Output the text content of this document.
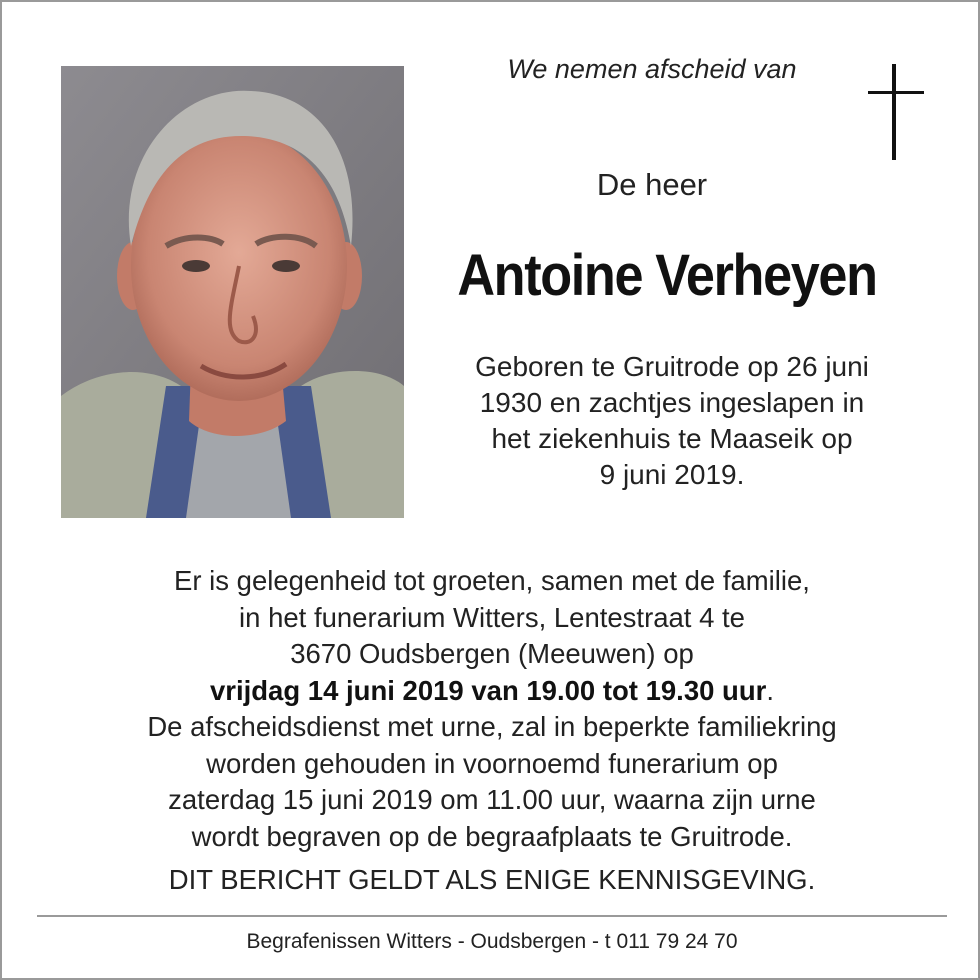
We nemen afscheid van
De heer
Antoine Verheyen
Geboren te Gruitrode op 26 juni
1930 en zachtjes ingeslapen in
het ziekenhuis te Maaseik op
9 juni 2019.
Er is gelegenheid tot groeten, samen met de familie,
in het funerarium Witters, Lentestraat 4 te
3670 Oudsbergen (Meeuwen) op
vrijdag 14 juni 2019 van 19.00 tot 19.30 uur.
De afscheidsdienst met urne, zal in beperkte familiekring
worden gehouden in voornoemd funerarium op
zaterdag 15 juni 2019 om 11.00 uur, waarna zijn urne
wordt begraven op de begraafplaats te Gruitrode.
DIT BERICHT GELDT ALS ENIGE KENNISGEVING.
Begrafenissen Witters - Oudsbergen - t 011 79 24 70
